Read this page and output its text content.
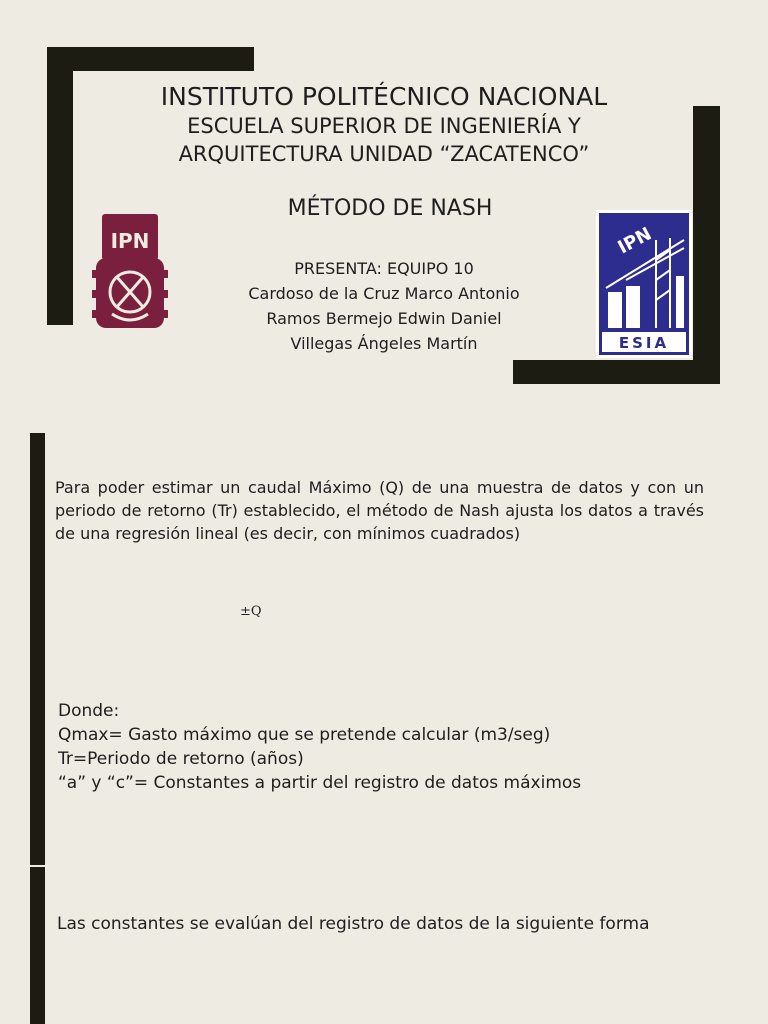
INSTITUTO POLITÉCNICO NACIONAL
ESCUELA SUPERIOR DE INGENIERÍA Y
ARQUITECTURA UNIDAD “ZACATENCO”
MÉTODO DE NASH
PRESENTA: EQUIPO 10
Cardoso de la Cruz Marco Antonio
Ramos Bermejo Edwin Daniel
Villegas Ángeles Martín
IPN	IPN
ESIA
Para poder estimar un caudal Máximo (Q) de una muestra de datos y con un periodo de retorno (Tr) establecido, el método de Nash ajusta los datos a través de una regresión lineal (es decir, con mínimos cuadrados)
±Q
Donde:
Qmax= Gasto máximo que se pretende calcular (m3/seg)
Tr=Periodo de retorno (años)
“a” y “c”= Constantes a partir del registro de datos máximos
Las constantes se evalúan del registro de datos de la siguiente forma
